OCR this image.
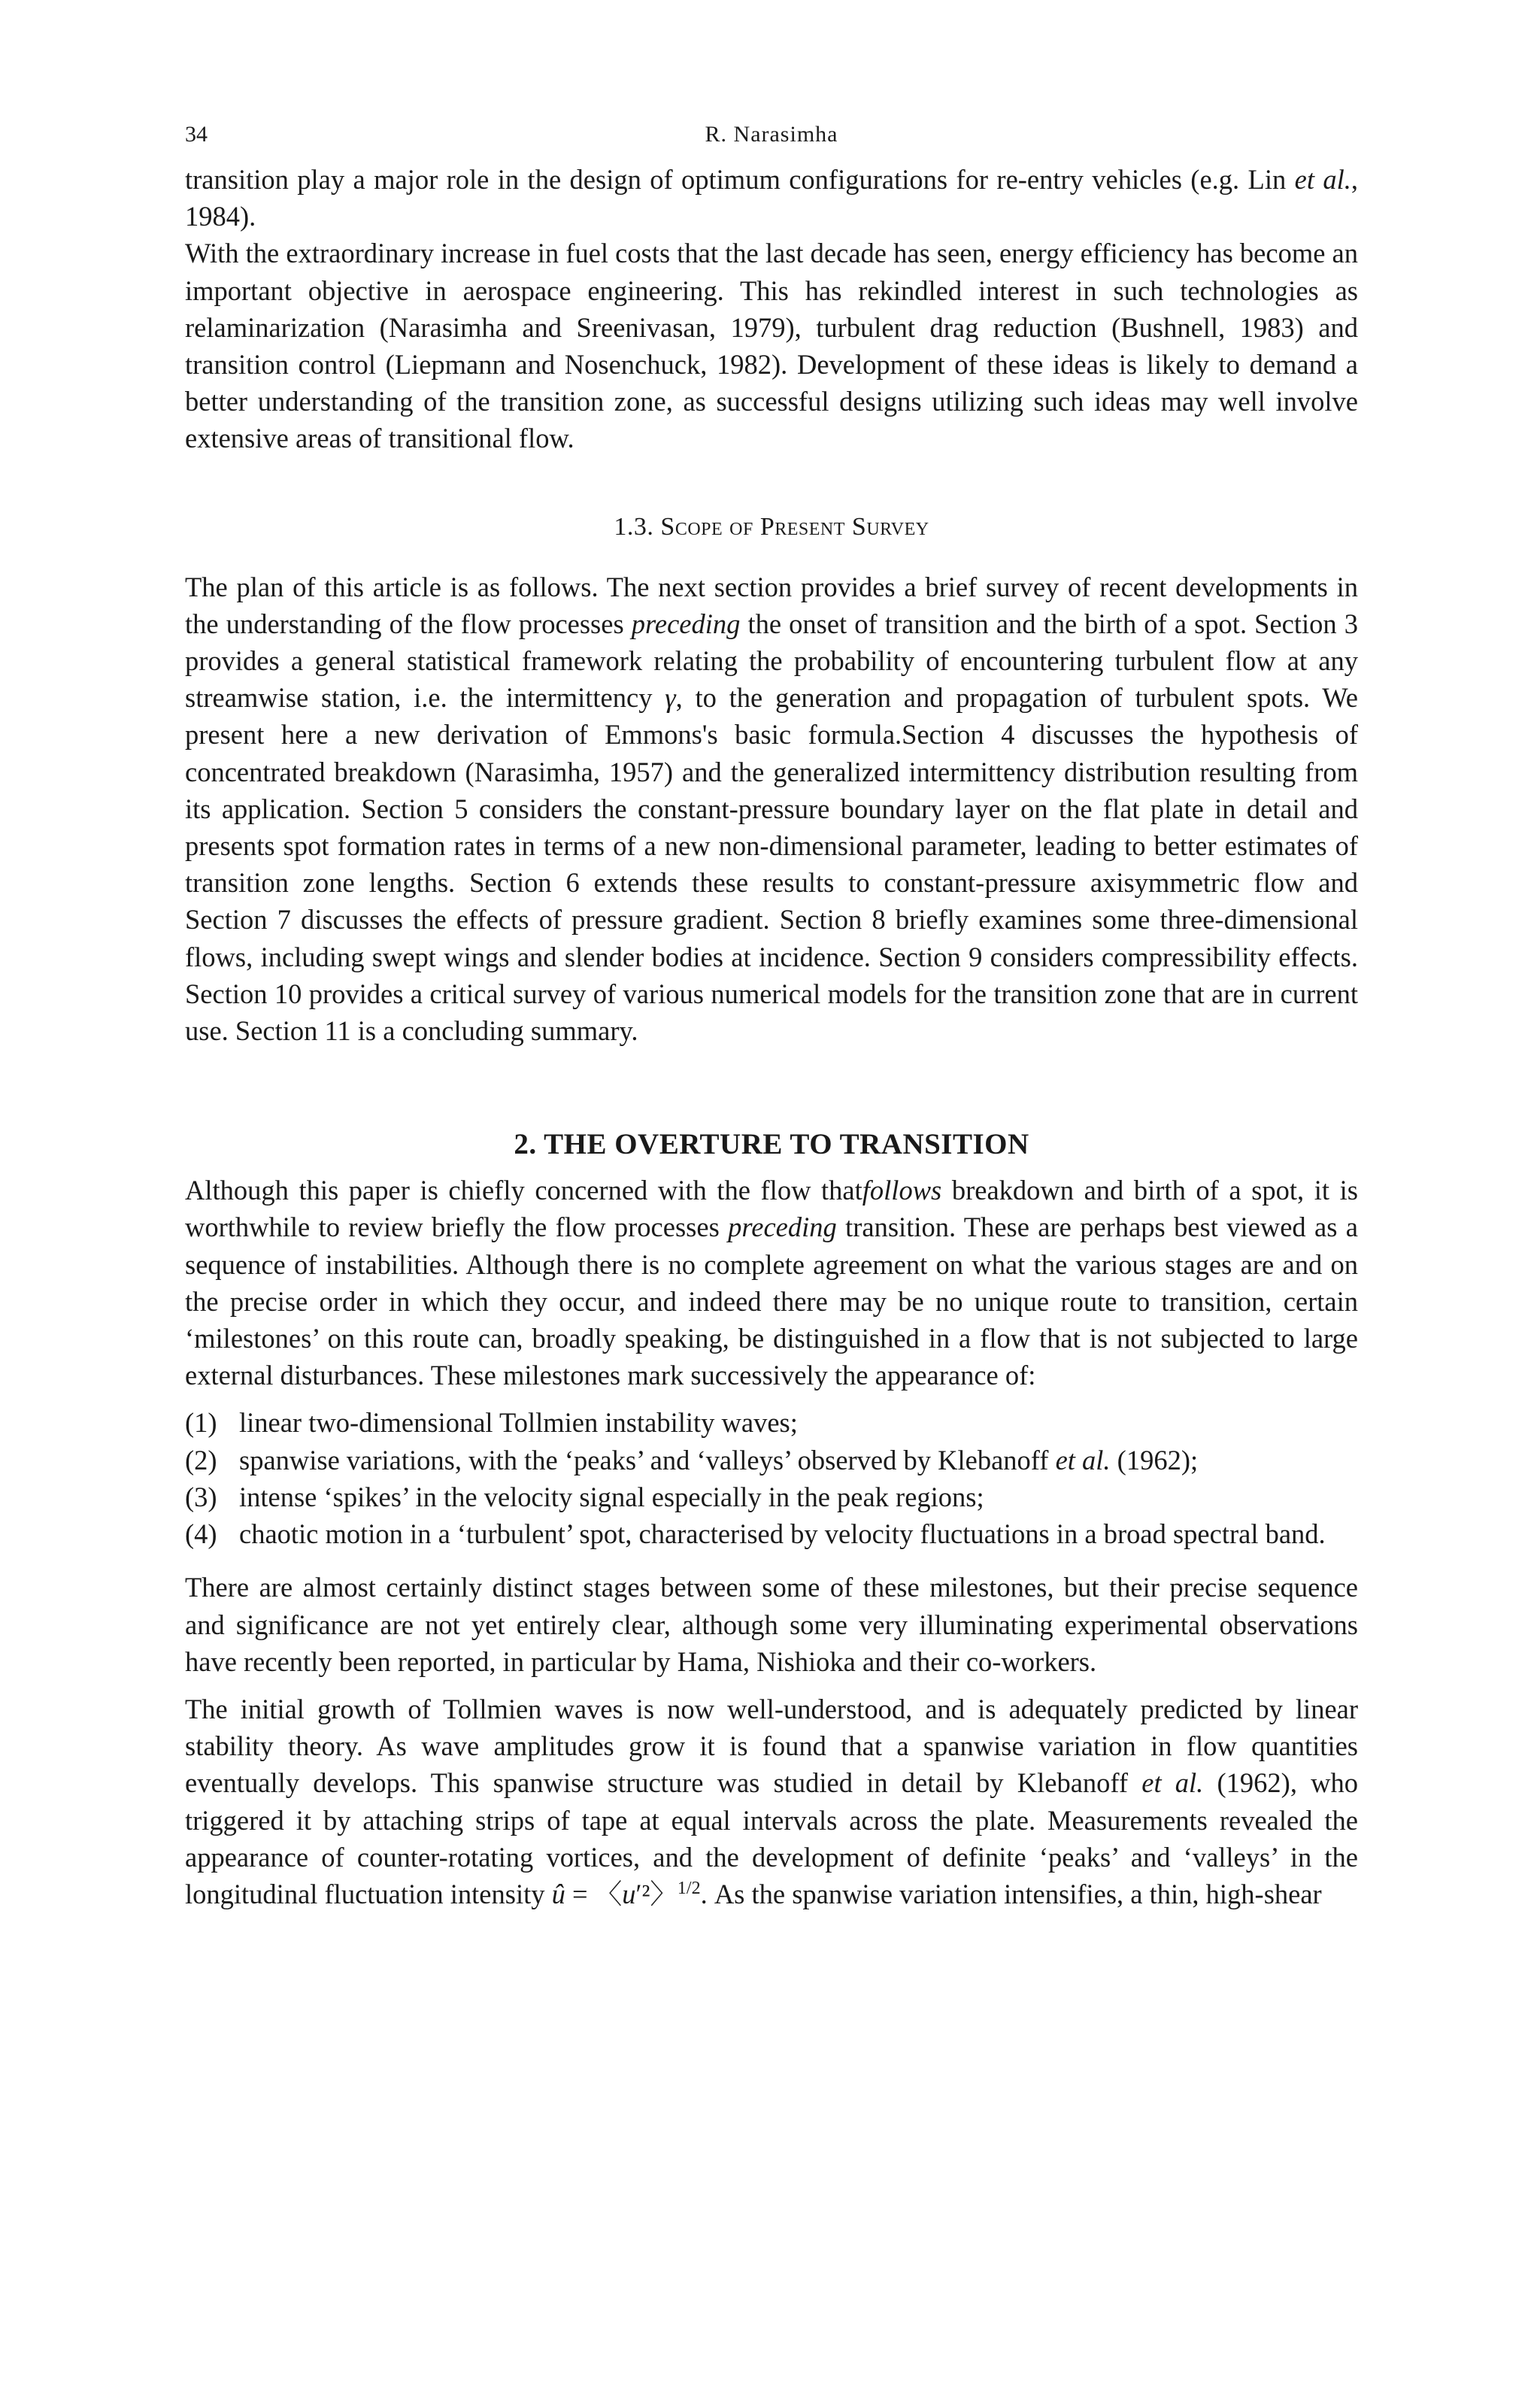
34	R. Narasimha

transition play a major role in the design of optimum configurations for re-entry vehicles (e.g. Lin et al., 1984).

With the extraordinary increase in fuel costs that the last decade has seen, energy efficiency has become an important objective in aerospace engineering. This has rekindled interest in such technologies as relaminarization (Narasimha and Sreenivasan, 1979), turbulent drag reduction (Bushnell, 1983) and transition control (Liepmann and Nosenchuck, 1982). Development of these ideas is likely to demand a better understanding of the transition zone, as successful designs utilizing such ideas may well involve extensive areas of transitional flow.

1.3. Scope of Present Survey

The plan of this article is as follows. The next section provides a brief survey of recent developments in the understanding of the flow processes preceding the onset of transition and the birth of a spot. Section 3 provides a general statistical framework relating the probability of encountering turbulent flow at any streamwise station, i.e. the intermittency γ, to the generation and propagation of turbulent spots. We present here a new derivation of Emmons's basic formula.Section 4 discusses the hypothesis of concentrated breakdown (Narasimha, 1957) and the generalized intermittency distribution resulting from its application. Section 5 considers the constant-pressure boundary layer on the flat plate in detail and presents spot formation rates in terms of a new non-dimensional parameter, leading to better estimates of transition zone lengths. Section 6 extends these results to constant-pressure axisymmetric flow and Section 7 discusses the effects of pressure gradient. Section 8 briefly examines some three-dimensional flows, including swept wings and slender bodies at incidence. Section 9 considers compressibility effects. Section 10 provides a critical survey of various numerical models for the transition zone that are in current use. Section 11 is a concluding summary.

2. THE OVERTURE TO TRANSITION

Although this paper is chiefly concerned with the flow thatfollows breakdown and birth of a spot, it is worthwhile to review briefly the flow processes preceding transition. These are perhaps best viewed as a sequence of instabilities. Although there is no complete agreement on what the various stages are and on the precise order in which they occur, and indeed there may be no unique route to transition, certain ‘milestones’ on this route can, broadly speaking, be distinguished in a flow that is not subjected to large external disturbances. These milestones mark successively the appearance of:

(1) linear two-dimensional Tollmien instability waves;
(2) spanwise variations, with the ‘peaks’ and ‘valleys’ observed by Klebanoff et al. (1962);
(3) intense ‘spikes’ in the velocity signal especially in the peak regions;
(4) chaotic motion in a ‘turbulent’ spot, characterised by velocity fluctuations in a broad spectral band.

There are almost certainly distinct stages between some of these milestones, but their precise sequence and significance are not yet entirely clear, although some very illuminating experimental observations have recently been reported, in particular by Hama, Nishioka and their co-workers.

The initial growth of Tollmien waves is now well-understood, and is adequately predicted by linear stability theory. As wave amplitudes grow it is found that a spanwise variation in flow quantities eventually develops. This spanwise structure was studied in detail by Klebanoff et al. (1962), who triggered it by attaching strips of tape at equal intervals across the plate. Measurements revealed the appearance of counter-rotating vortices, and the development of definite ‘peaks’ and ‘valleys’ in the longitudinal fluctuation intensity û = 〈u′²〉$^{1/2}$. As the spanwise variation intensifies, a thin, high-shear
